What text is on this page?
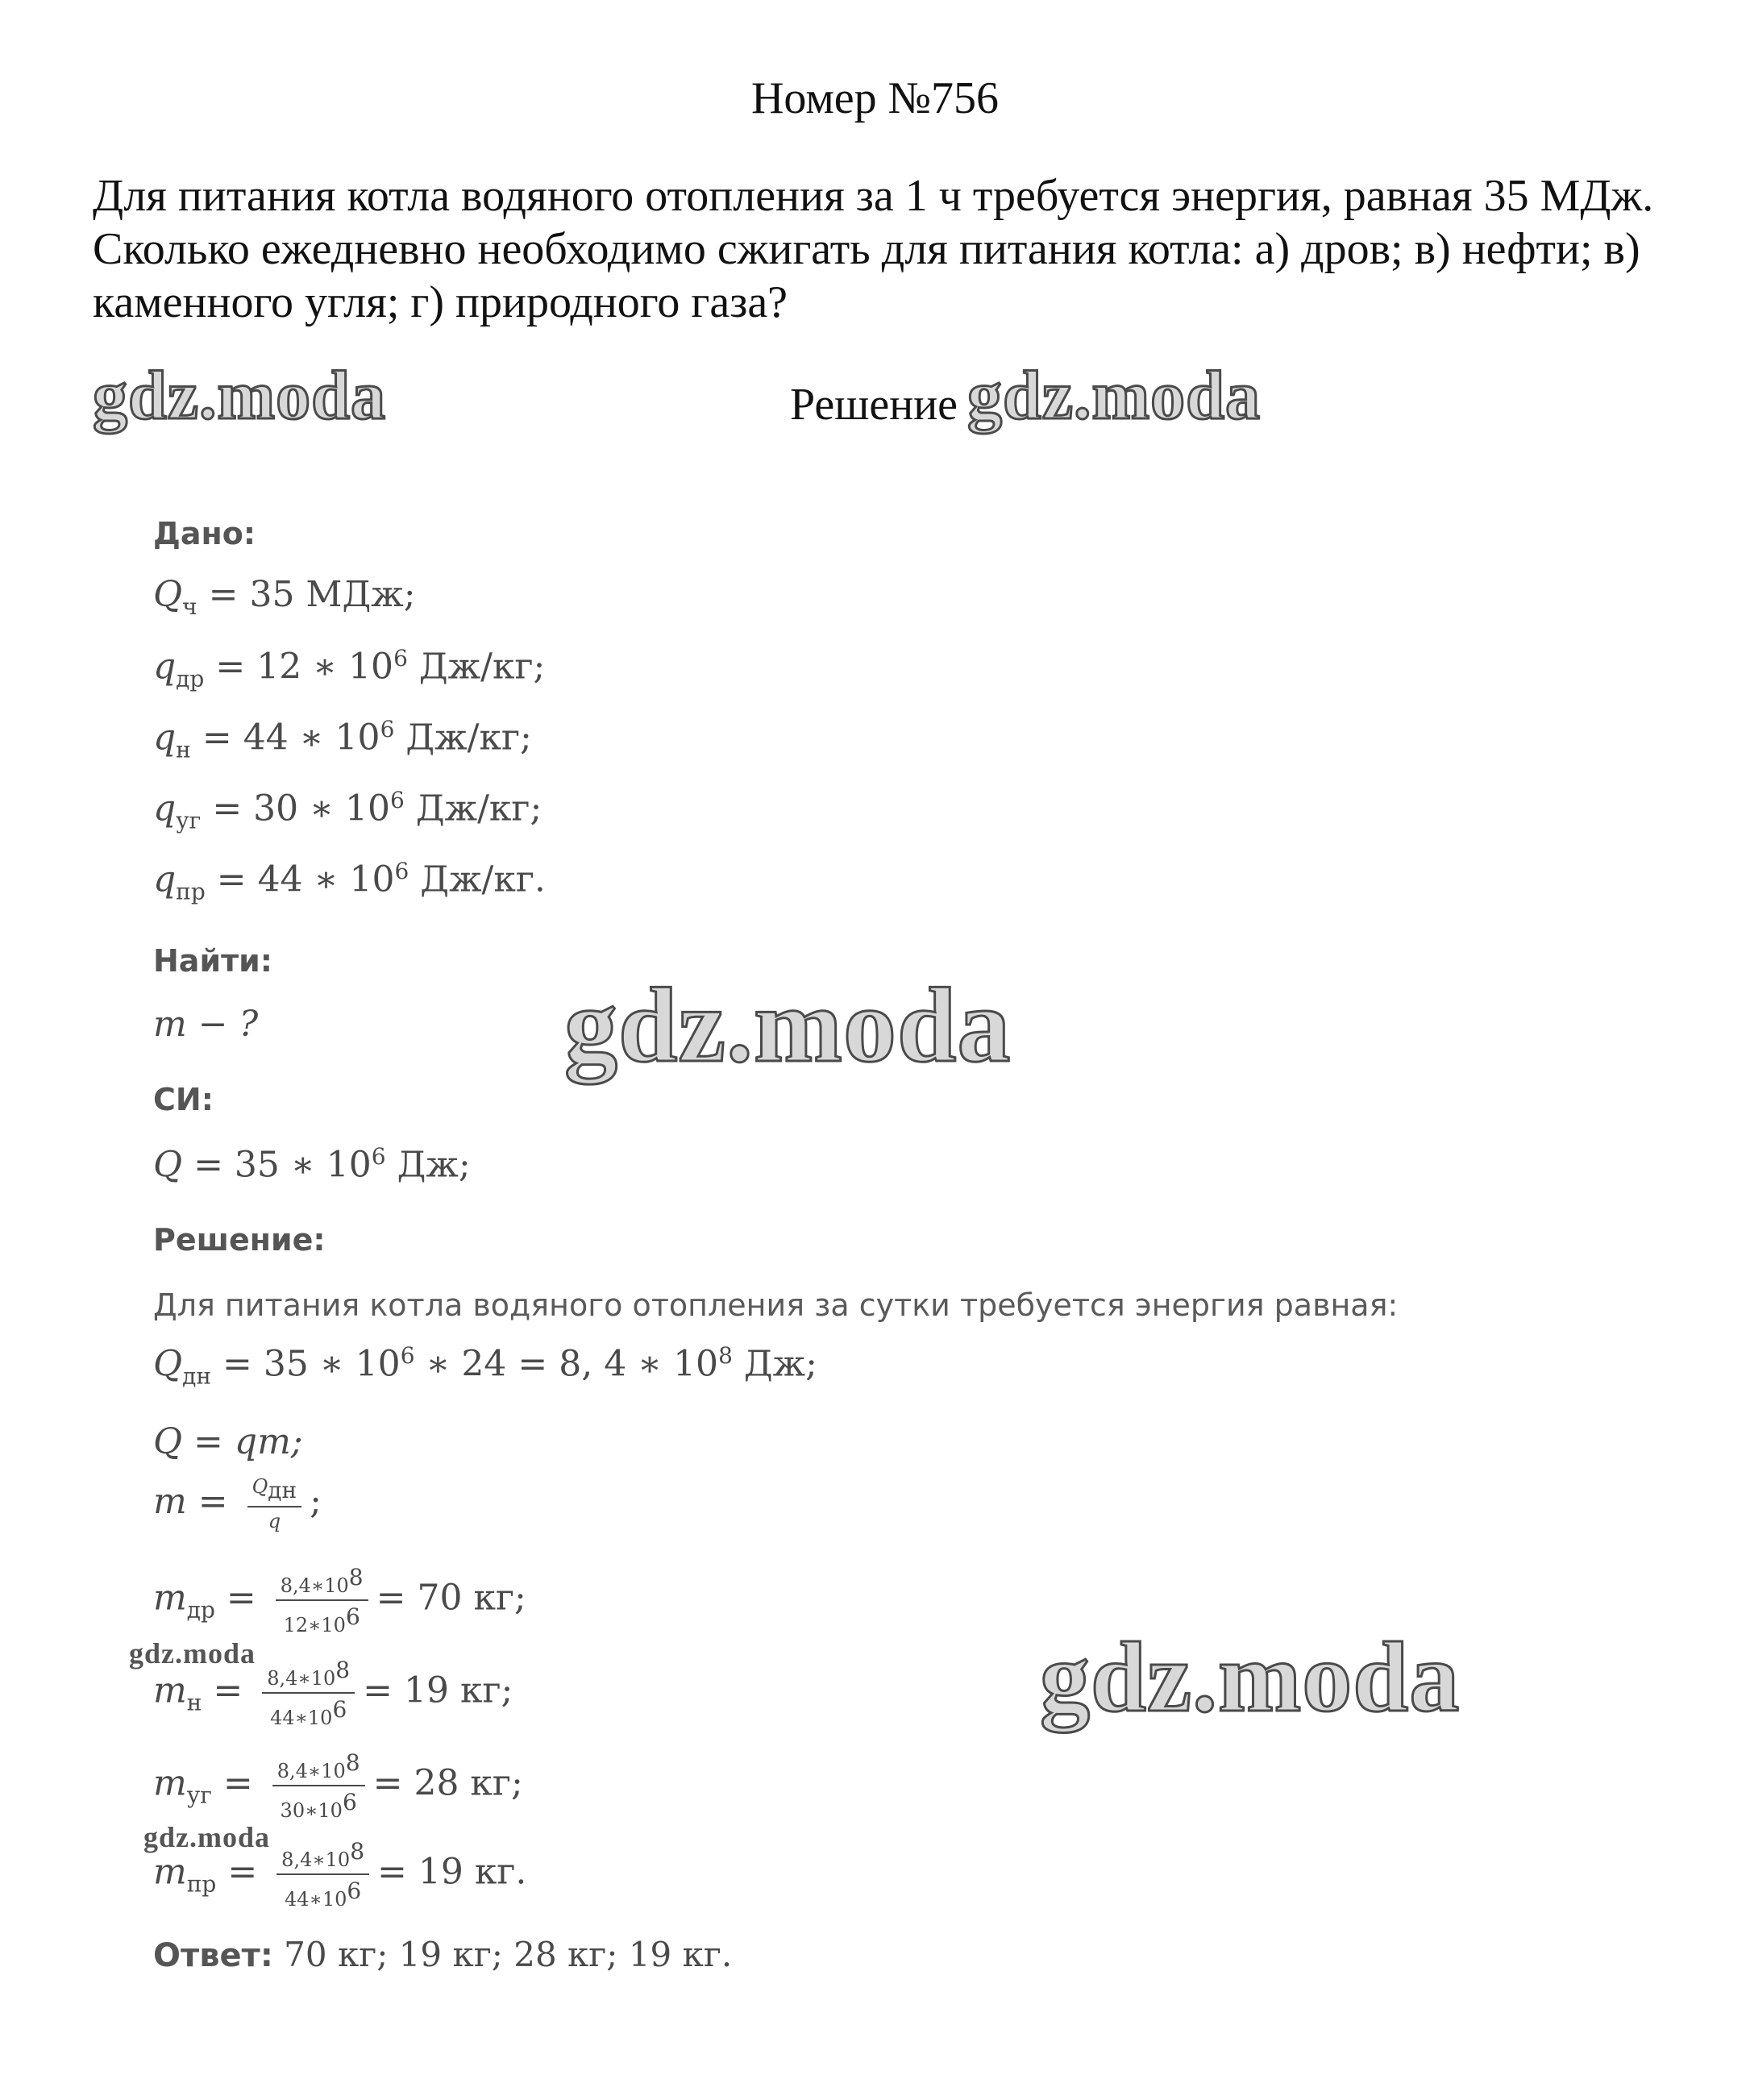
Номер №756
Для питания котла водяного отопления за 1 ч требуется энергия, равная 35 МДж. Сколько ежедневно необходимо сжигать для питания котла: а) дров; в) нефти; в) каменного угля; г) природного газа?
Решение
gdz.moda	gdz.moda
gdz.moda
gdz.moda
gdz.moda
gdz.moda
Дано:
$Q_ч = 35$ МДж;
$q_{др} = 12$ ∗ $10^6$ Дж/кг;
$q_н = 44$ ∗ $10^6$ Дж/кг;
$q_{уг} = 30$ ∗ $10^6$ Дж/кг;
$q_{пр} = 44$ ∗ $10^6$ Дж/кг.
Найти:
m − ?
СИ:
Q = 35 ∗ $10^6$ Дж;
Решение:
Для питания котла водяного отопления за сутки требуется энергия равная:
$Q_{дн} = 35$ ∗ $10^6$ ∗ 24 = 8, 4 ∗ $10^8$ Дж;
Q = qm;
$m = \frac{Q_{дн}}{q}$ ;
$m_{др} = \frac{8,4∗10^8}{12∗10^6} = 70$ кг;
$m_н = \frac{8,4∗10^8}{44∗10^6} = 19$ кг;
$m_{уг} = \frac{8,4∗10^8}{30∗10^6} = 28$ кг;
$m_{пр} = \frac{8,4∗10^8}{44∗10^6} = 19$ кг.
Ответ: 70 кг; 19 кг; 28 кг; 19 кг.
